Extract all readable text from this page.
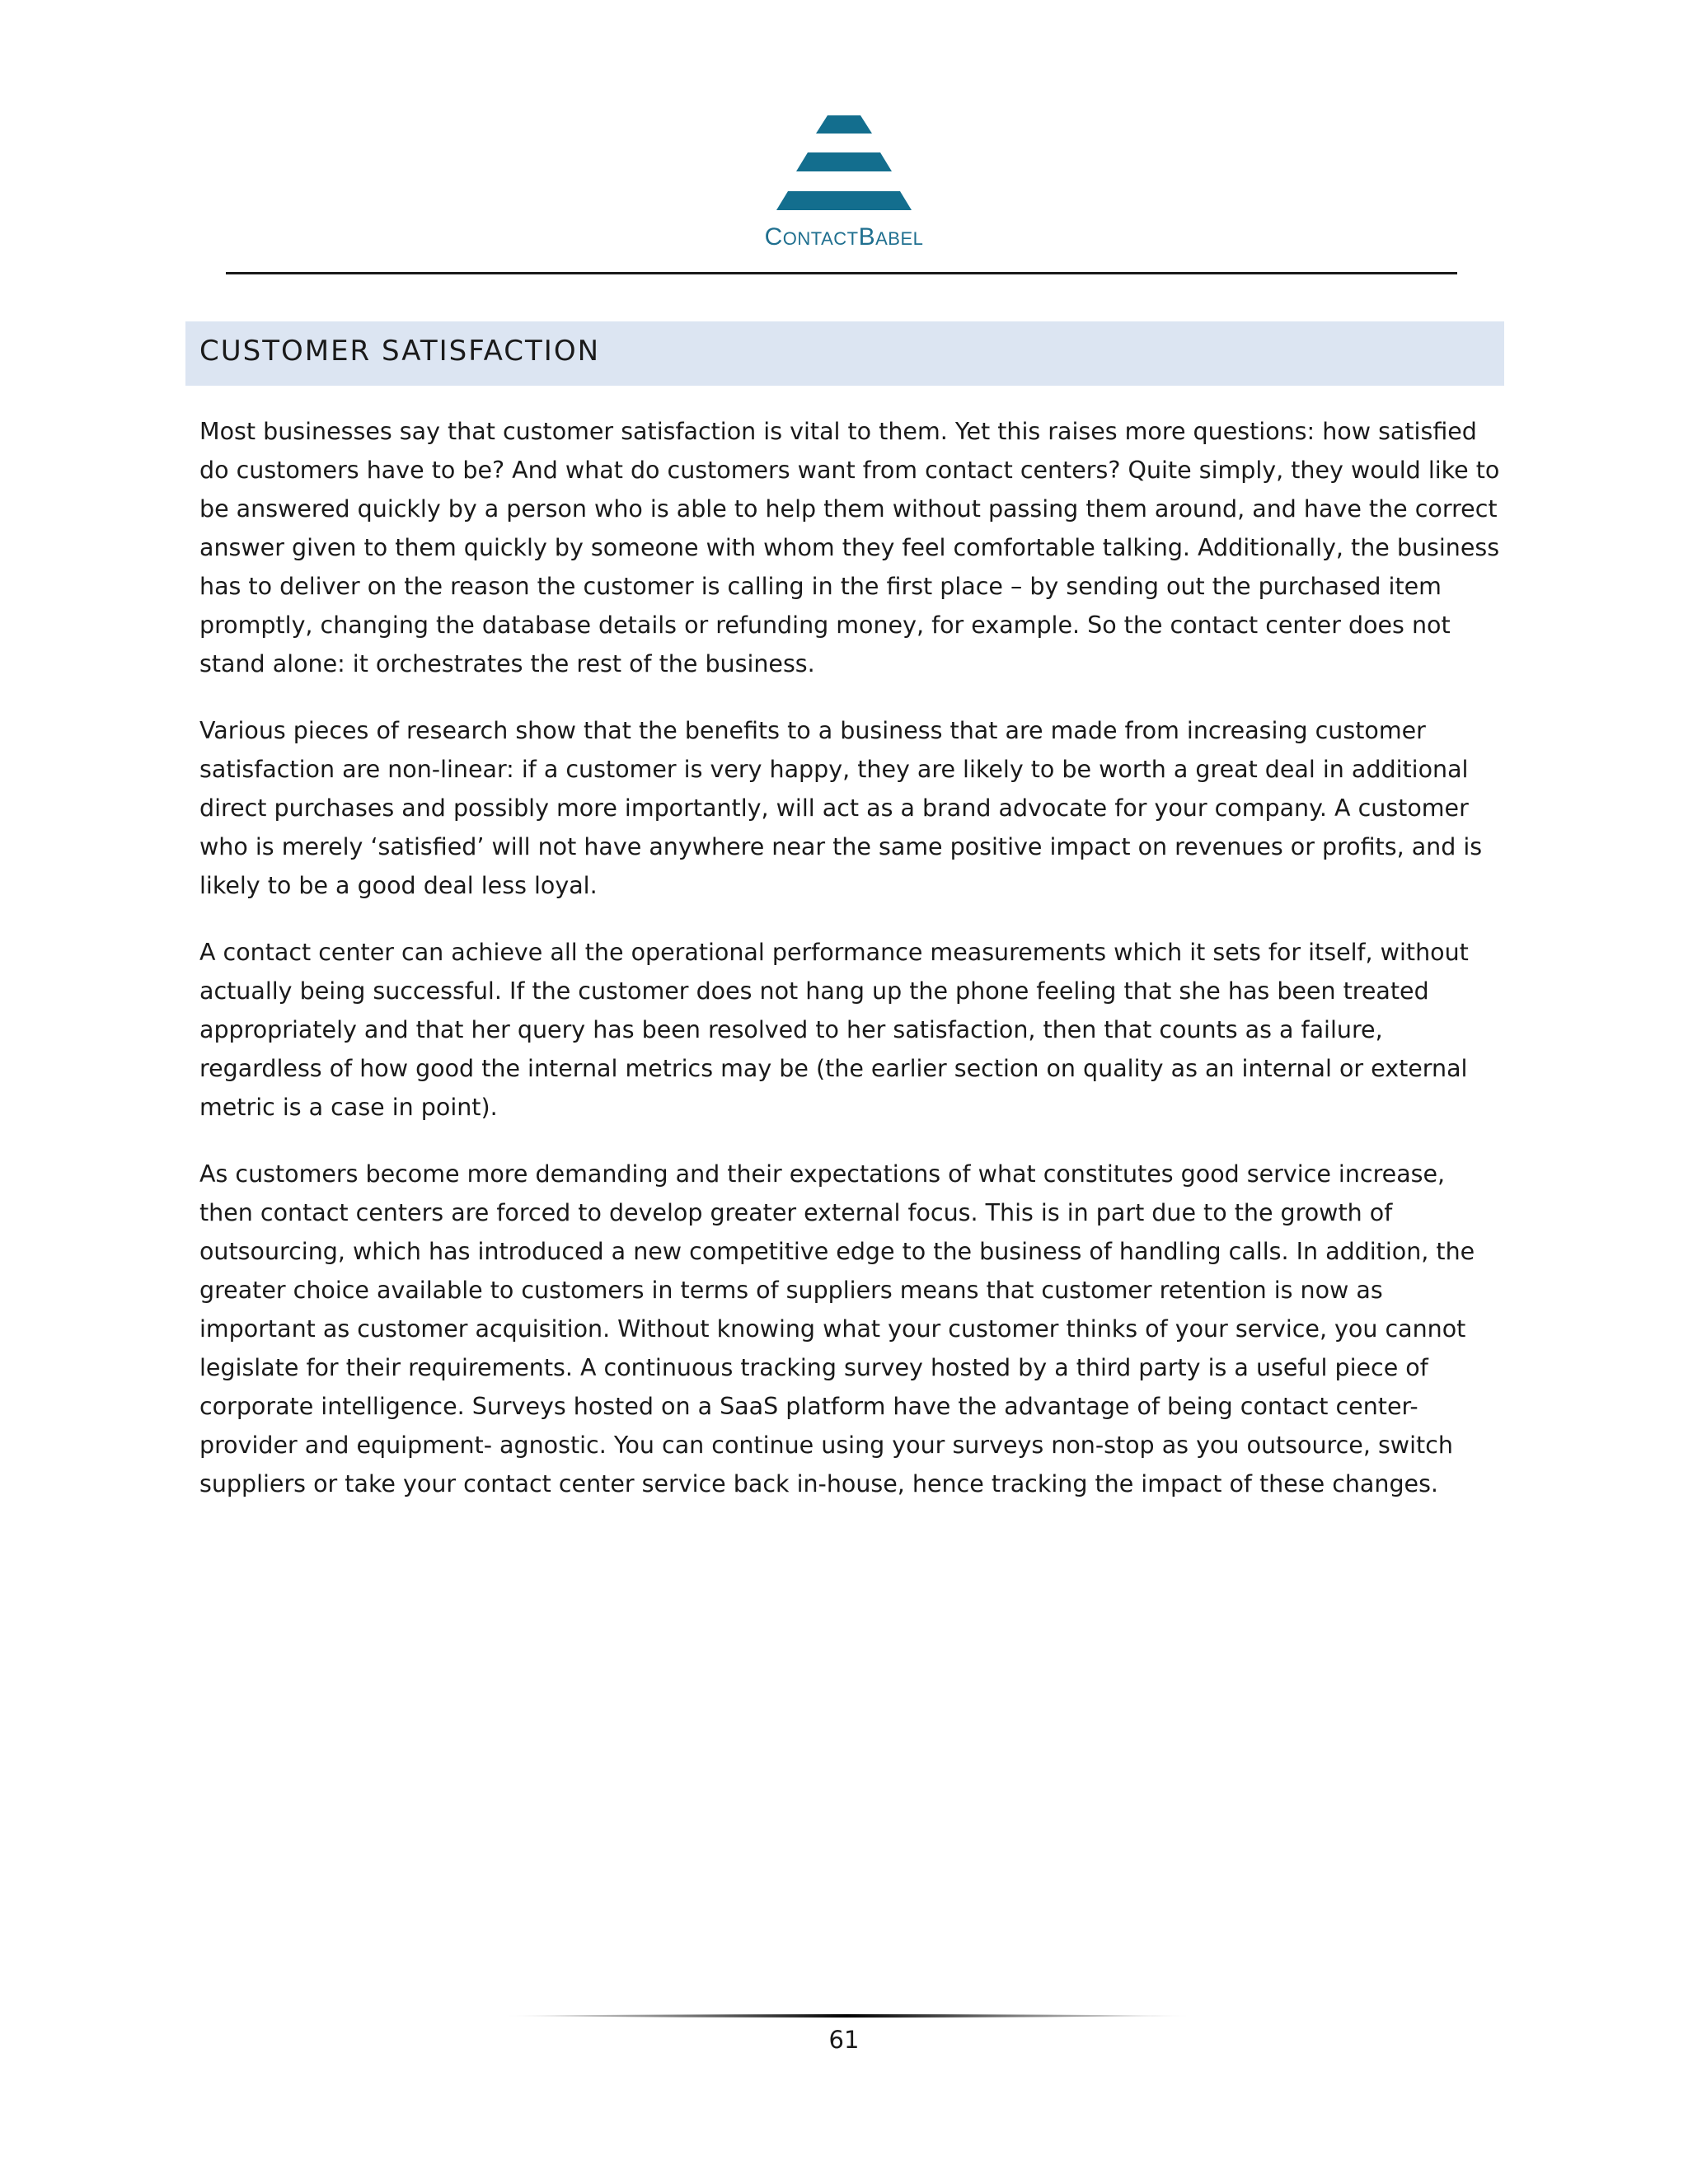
CONTACTBABEL
CUSTOMER SATISFACTION

Most businesses say that customer satisfaction is vital to them. Yet this raises more questions: how satisfied do customers have to be? And what do customers want from contact centers? Quite simply, they would like to be answered quickly by a person who is able to help them without passing them around, and have the correct answer given to them quickly by someone with whom they feel comfortable talking. Additionally, the business has to deliver on the reason the customer is calling in the first place – by sending out the purchased item promptly, changing the database details or refunding money, for example. So the contact center does not stand alone: it orchestrates the rest of the business.

Various pieces of research show that the benefits to a business that are made from increasing customer satisfaction are non-linear: if a customer is very happy, they are likely to be worth a great deal in additional direct purchases and possibly more importantly, will act as a brand advocate for your company. A customer who is merely ‘satisfied’ will not have anywhere near the same positive impact on revenues or profits, and is likely to be a good deal less loyal.

A contact center can achieve all the operational performance measurements which it sets for itself, without actually being successful. If the customer does not hang up the phone feeling that she has been treated appropriately and that her query has been resolved to her satisfaction, then that counts as a failure, regardless of how good the internal metrics may be (the earlier section on quality as an internal or external metric is a case in point).

As customers become more demanding and their expectations of what constitutes good service increase, then contact centers are forced to develop greater external focus. This is in part due to the growth of outsourcing, which has introduced a new competitive edge to the business of handling calls. In addition, the greater choice available to customers in terms of suppliers means that customer retention is now as important as customer acquisition. Without knowing what your customer thinks of your service, you cannot legislate for their requirements. A continuous tracking survey hosted by a third party is a useful piece of corporate intelligence. Surveys hosted on a SaaS platform have the advantage of being contact center-provider and equipment- agnostic. You can continue using your surveys non-stop as you outsource, switch suppliers or take your contact center service back in-house, hence tracking the impact of these changes.

61
